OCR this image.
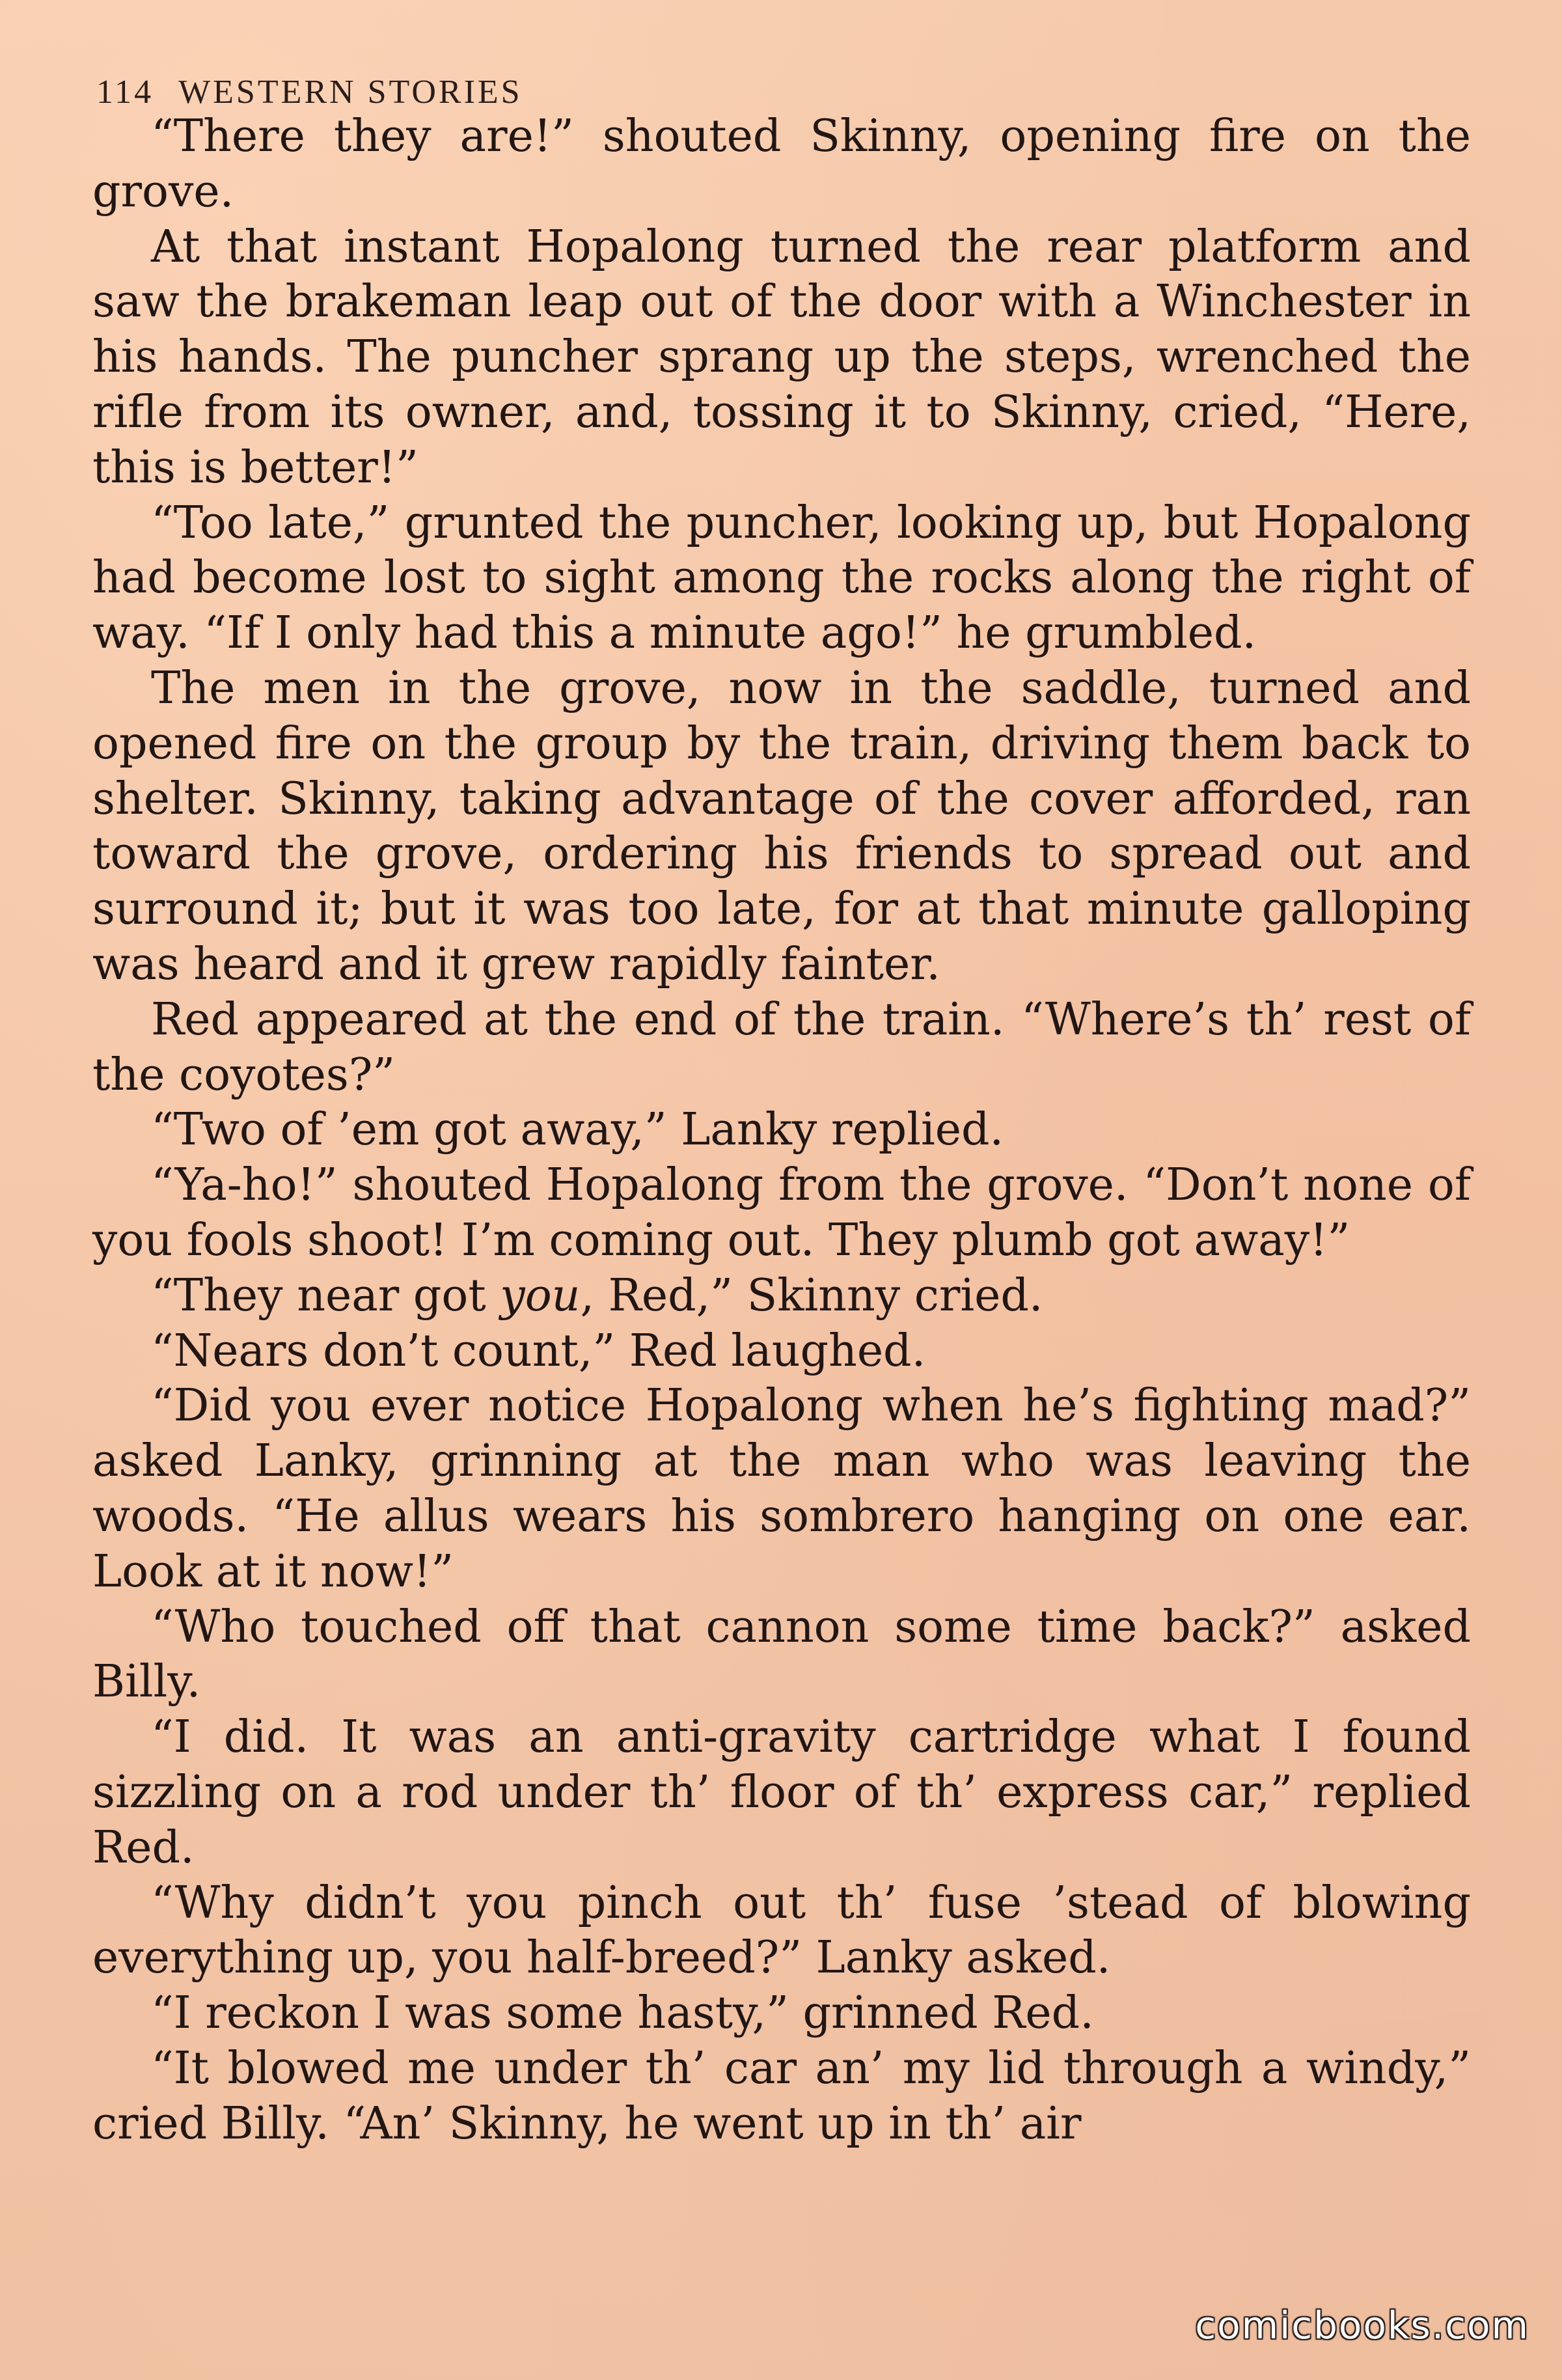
114 WESTERN STORIES

“There they are!” shouted Skinny, opening fire on the grove.

At that instant Hopalong turned the rear platform and saw the brakeman leap out of the door with a Winchester in his hands. The puncher sprang up the steps, wrenched the rifle from its owner, and, tossing it to Skinny, cried, “Here, this is better!”

“Too late,” grunted the puncher, looking up, but Hopalong had become lost to sight among the rocks along the right of way. “If I only had this a minute ago!” he grumbled.

The men in the grove, now in the saddle, turned and opened fire on the group by the train, driving them back to shelter. Skinny, taking advantage of the cover afforded, ran toward the grove, ordering his friends to spread out and surround it; but it was too late, for at that minute galloping was heard and it grew rapidly fainter.

Red appeared at the end of the train. “Where’s th’ rest of the coyotes?”

“Two of ’em got away,” Lanky replied.

“Ya-ho!” shouted Hopalong from the grove. “Don’t none of you fools shoot! I’m coming out. They plumb got away!”

“They near got you, Red,” Skinny cried.

“Nears don’t count,” Red laughed.

“Did you ever notice Hopalong when he’s fighting mad?” asked Lanky, grinning at the man who was leaving the woods. “He allus wears his sombrero hanging on one ear. Look at it now!”

“Who touched off that cannon some time back?” asked Billy.

“I did. It was an anti-gravity cartridge what I found sizzling on a rod under th’ floor of th’ express car,” replied Red.

“Why didn’t you pinch out th’ fuse ’stead of blowing everything up, you half-breed?” Lanky asked.

“I reckon I was some hasty,” grinned Red.

“It blowed me under th’ car an’ my lid through a windy,” cried Billy. “An’ Skinny, he went up in th’ air

comicbooks.com
